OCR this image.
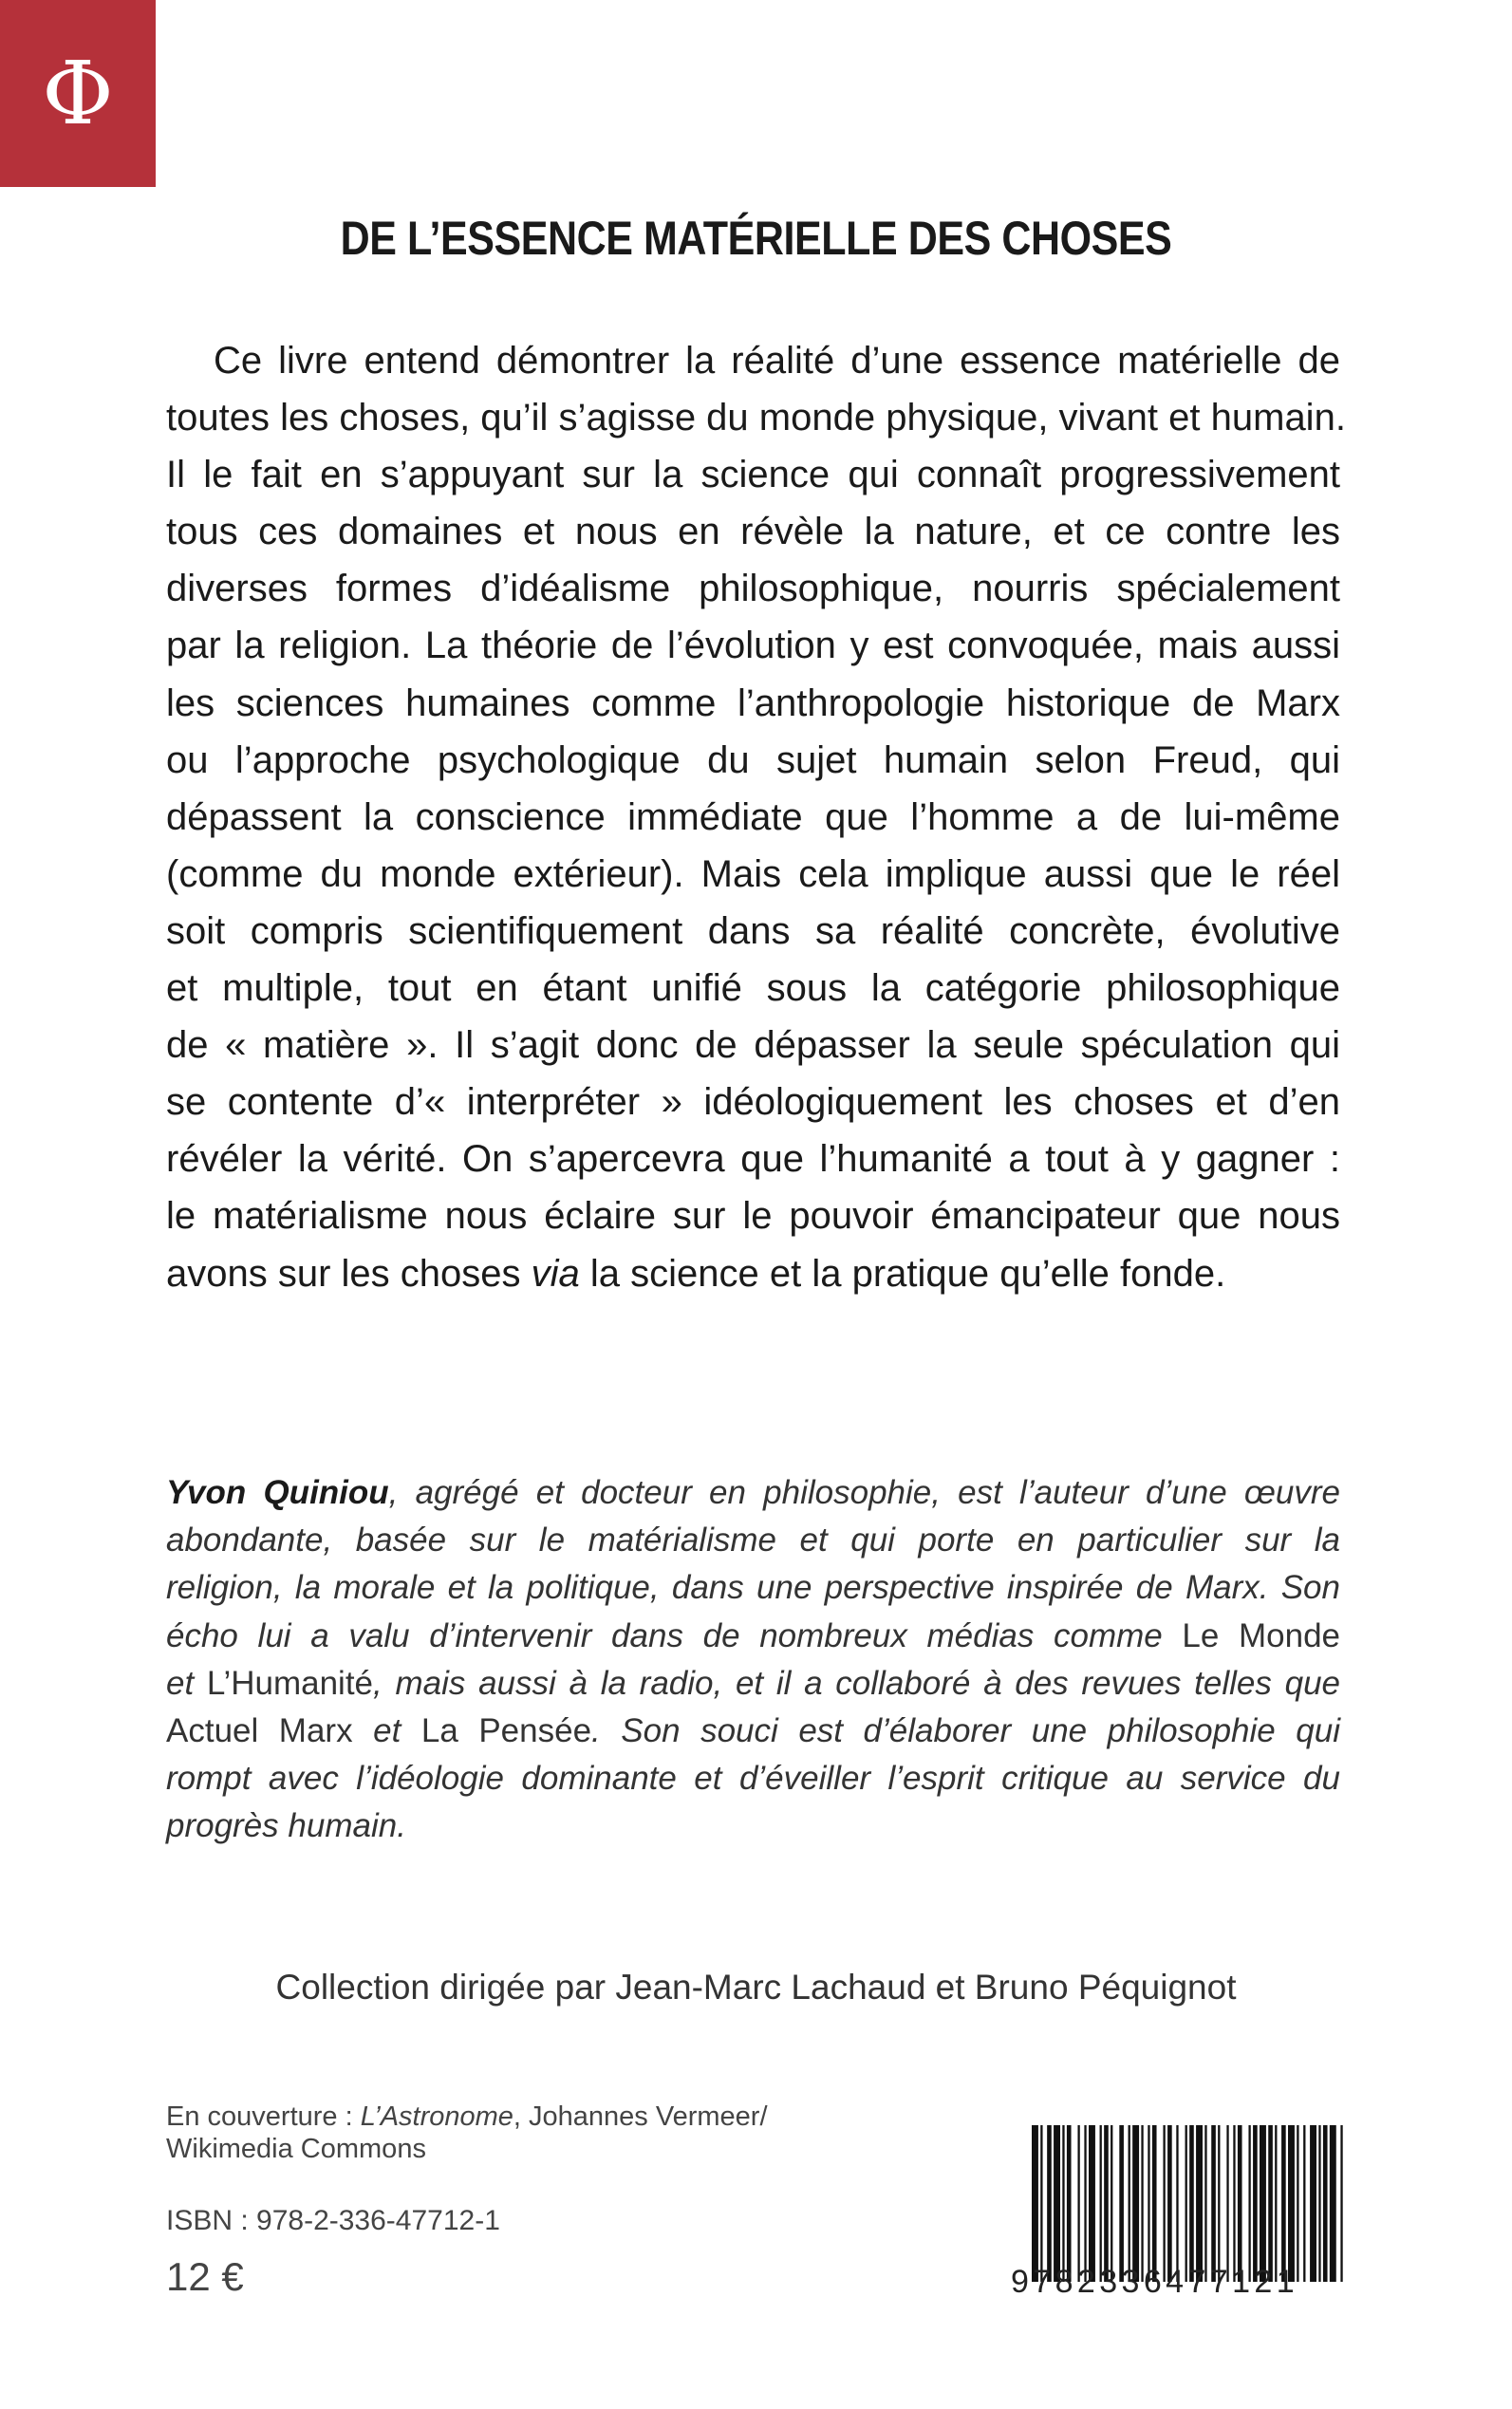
Φ
DE L’ESSENCE MATÉRIELLE DES CHOSES
Ce livre entend démontrer la réalité d’une essence matérielle de
toutes les choses, qu’il s’agisse du monde physique, vivant et humain.
Il le fait en s’appuyant sur la science qui connaît progressivement
tous ces domaines et nous en révèle la nature, et ce contre les
diverses formes d’idéalisme philosophique, nourris spécialement
par la religion. La théorie de l’évolution y est convoquée, mais aussi
les sciences humaines comme l’anthropologie historique de Marx
ou l’approche psychologique du sujet humain selon Freud, qui
dépassent la conscience immédiate que l’homme a de lui-même
(comme du monde extérieur). Mais cela implique aussi que le réel
soit compris scientifiquement dans sa réalité concrète, évolutive
et multiple, tout en étant unifié sous la catégorie philosophique
de « matière ». Il s’agit donc de dépasser la seule spéculation qui
se contente d’« interpréter » idéologiquement les choses et d’en
révéler la vérité. On s’apercevra que l’humanité a tout à y gagner :
le matérialisme nous éclaire sur le pouvoir émancipateur que nous
avons sur les choses via la science et la pratique qu’elle fonde.
Yvon Quiniou, agrégé et docteur en philosophie, est l’auteur d’une œuvre
abondante, basée sur le matérialisme et qui porte en particulier sur la
religion, la morale et la politique, dans une perspective inspirée de Marx. Son
écho lui a valu d’intervenir dans de nombreux médias comme Le Monde
et L’Humanité, mais aussi à la radio, et il a collaboré à des revues telles que
Actuel Marx et La Pensée. Son souci est d’élaborer une philosophie qui
rompt avec l’idéologie dominante et d’éveiller l’esprit critique au service du
progrès humain.
Collection dirigée par Jean-Marc Lachaud et Bruno Péquignot
En couverture : L’Astronome, Johannes Vermeer/
Wikimedia Commons
ISBN : 978-2-336-47712-1
12 €	9782336477121
